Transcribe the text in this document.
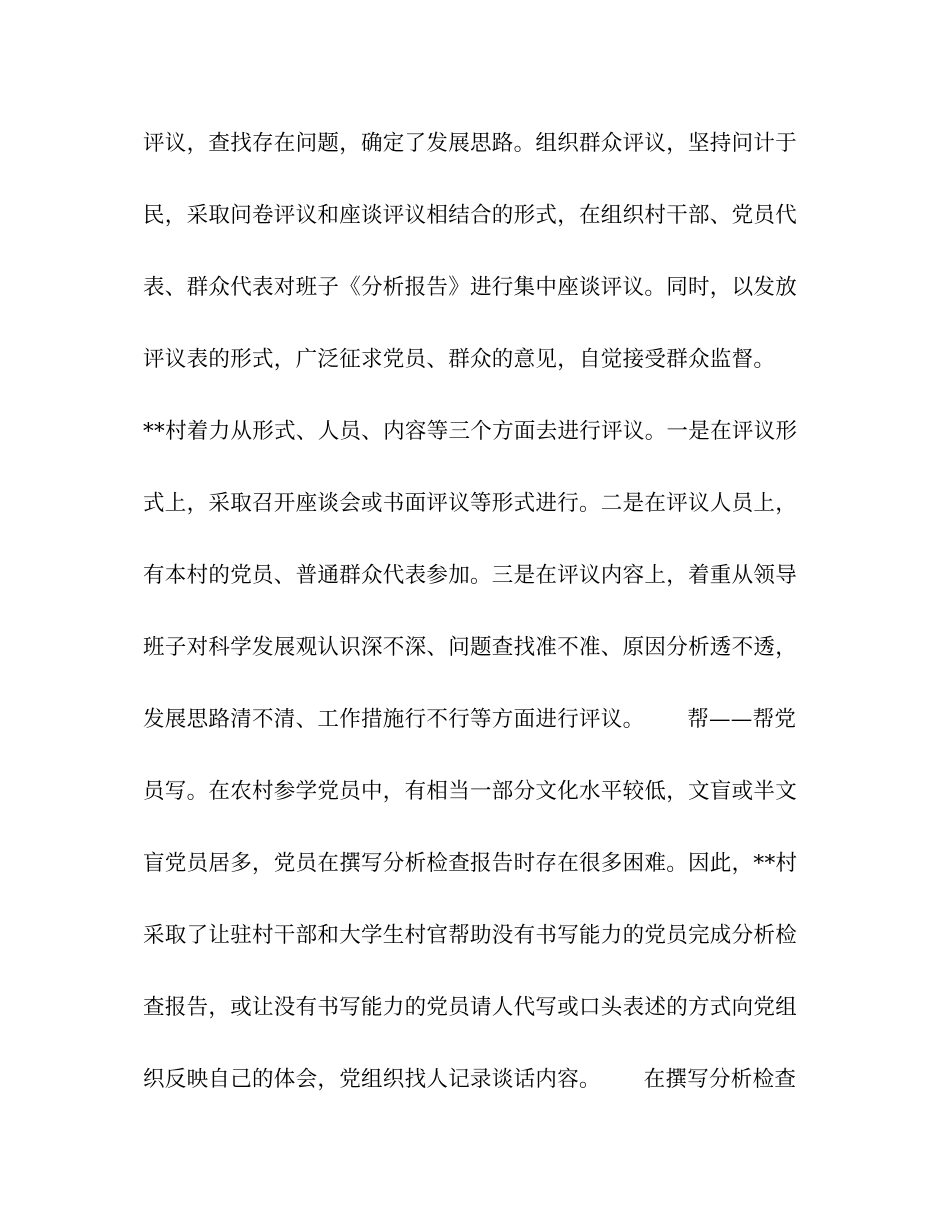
评议，查找存在问题，确定了发展思路。组织群众评议，坚持问计于
民，采取问卷评议和座谈评议相结合的形式，在组织村干部、党员代
表、群众代表对班子《分析报告》进行集中座谈评议。同时，以发放
评议表的形式，广泛征求党员、群众的意见，自觉接受群众监督。
**村着力从形式、人员、内容等三个方面去进行评议。一是在评议形
式上，采取召开座谈会或书面评议等形式进行。二是在评议人员上，
有本村的党员、普通群众代表参加。三是在评议内容上，着重从领导
班子对科学发展观认识深不深、问题查找准不准、原因分析透不透，
发展思路清不清、工作措施行不行等方面进行评议。      帮——帮党
员写。在农村参学党员中，有相当一部分文化水平较低，文盲或半文
盲党员居多，党员在撰写分析检查报告时存在很多困难。因此，**村
采取了让驻村干部和大学生村官帮助没有书写能力的党员完成分析检
查报告，或让没有书写能力的党员请人代写或口头表述的方式向党组
织反映自己的体会，党组织找人记录谈话内容。      在撰写分析检查
